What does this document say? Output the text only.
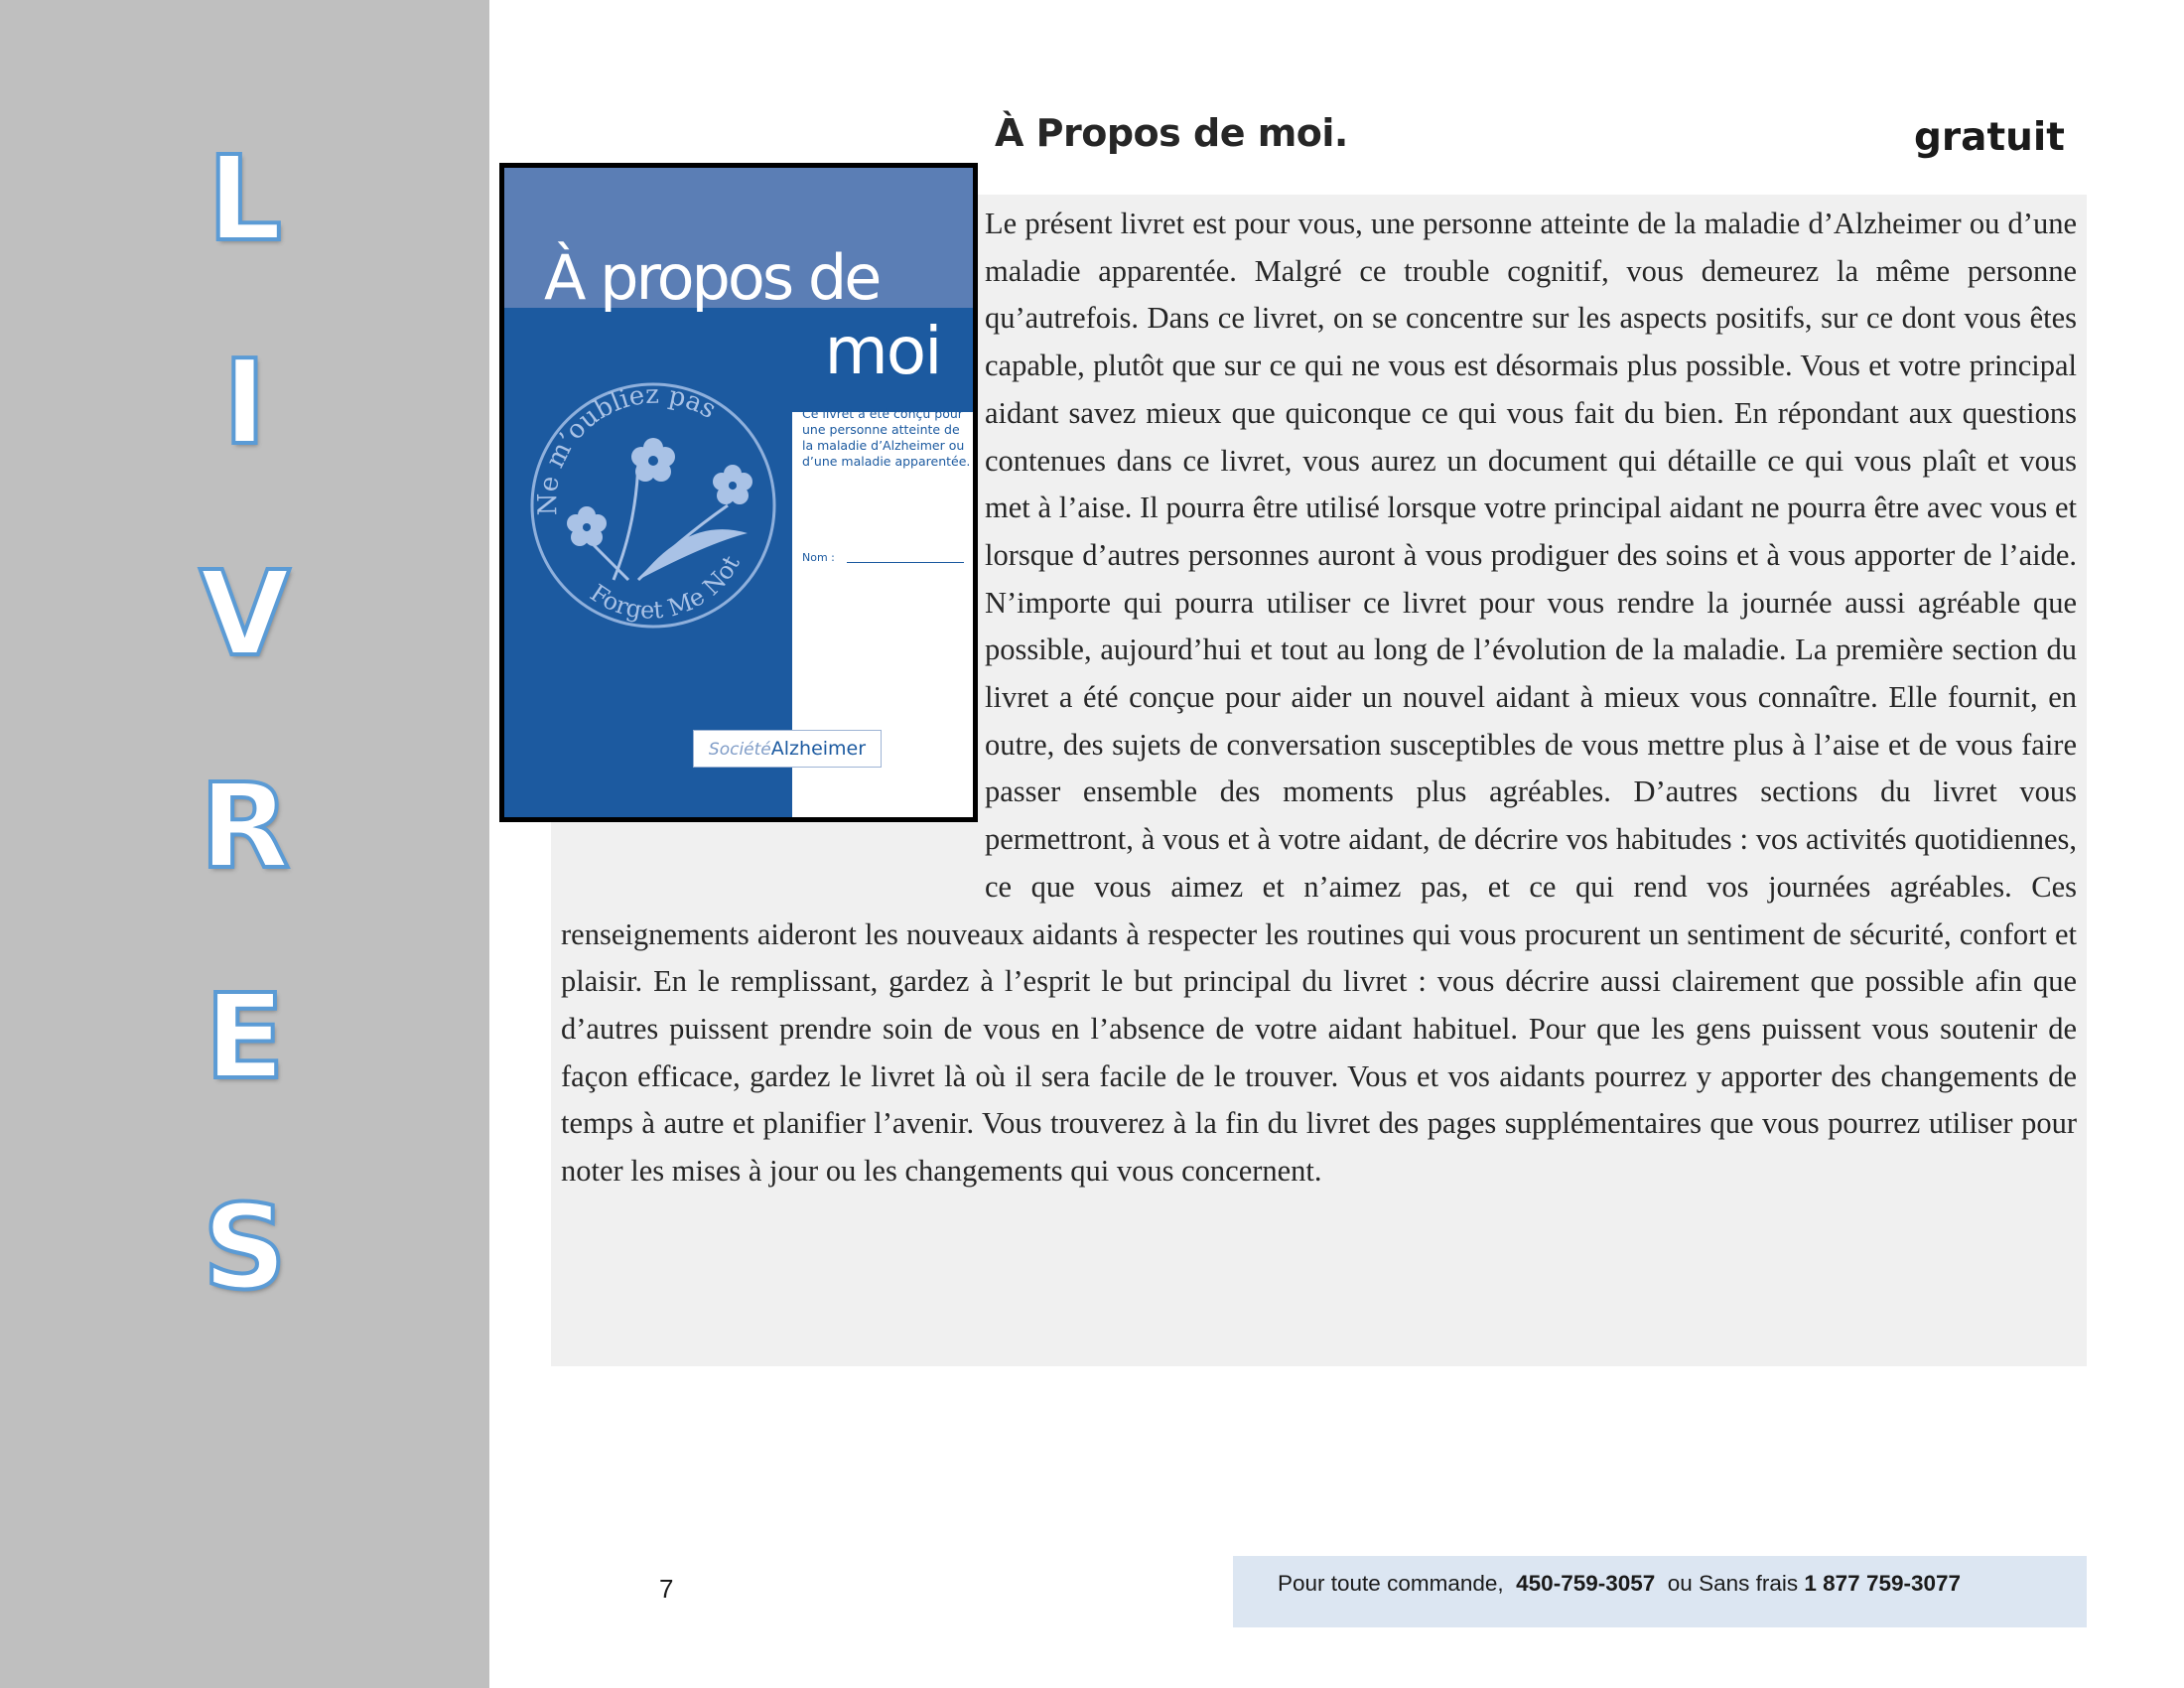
L
I
V
R
E
S
À Propos de moi.	gratuit

Le présent livret est pour vous, une personne atteinte de la maladie d’Alzheimer ou d’une maladie apparentée. Malgré ce trouble cognitif, vous demeurez la même personne qu’autrefois. Dans ce livret, on se concentre sur les aspects positifs, sur ce dont vous êtes capable, plutôt que sur ce qui ne vous est désormais plus possible. Vous et votre principal aidant savez mieux que quiconque ce qui vous fait du bien. En répondant aux questions contenues dans ce livret, vous aurez un document qui détaille ce qui vous plaît et vous met à l’aise. Il pourra être utilisé lorsque votre principal aidant ne pourra être avec vous et lorsque d’autres personnes auront à vous prodiguer des soins et à vous apporter de l’aide. N’importe qui pourra utiliser ce livret pour vous rendre la journée aussi agréable que possible, aujourd’hui et tout au long de l’évolution de la maladie. La première section du livret a été conçue pour aider un nouvel aidant à mieux vous connaître. Elle fournit, en outre, des sujets de conversation susceptibles de vous mettre plus à l’aise et de vous faire passer ensemble des moments plus agréables. D’autres sections du livret vous permettront, à vous et à votre aidant, de décrire vos habitudes : vos activités quotidiennes, ce que vous aimez et n’aimez pas, et ce qui rend vos journées agréables. Ces renseignements aideront les nouveaux aidants à respecter les routines qui vous procurent un sentiment de sécurité, confort et plaisir. En le remplissant, gardez à l’esprit le but principal du livret : vous décrire aussi clairement que possible afin que d’autres puissent prendre soin de vous en l’absence de votre aidant habituel. Pour que les gens puissent vous soutenir de façon efficace, gardez le livret là où il sera facile de le trouver. Vous et vos aidants pourrez y apporter des changements de temps à autre et planifier l’avenir. Vous trouverez à la fin du livret des pages supplémentaires que vous pourrez utiliser pour noter les mises à jour ou les changements qui vous concernent.

À propos de
moi
Ce livret a été conçu pour une personne atteinte de la maladie d’Alzheimer ou d’une maladie apparentée.
Nom :
Ne m’oubliez pas
Forget Me Not
SociétéAlzheimer
7	Pour toute commande, 450-759-3057 ou Sans frais 1 877 759-3077
